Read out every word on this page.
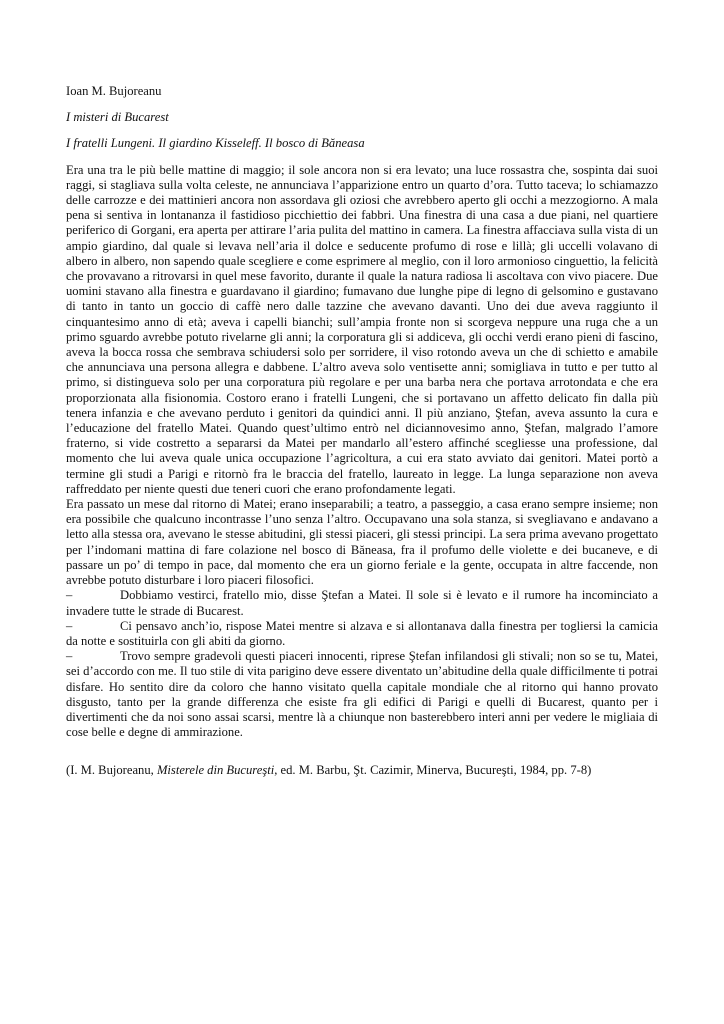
Ioan M. Bujoreanu

I misteri di Bucarest

I fratelli Lungeni. Il giardino Kisseleff. Il bosco di Băneasa

Era una tra le più belle mattine di maggio; il sole ancora non si era levato; una luce rossastra che, sospinta dai suoi raggi, si stagliava sulla volta celeste, ne annunciava l’apparizione entro un quarto d’ora. Tutto taceva; lo schiamazzo delle carrozze e dei mattinieri ancora non assordava gli oziosi che avrebbero aperto gli occhi a mezzogiorno. A mala pena si sentiva in lontananza il fastidioso picchiettio dei fabbri. Una finestra di una casa a due piani, nel quartiere periferico di Gorgani, era aperta per attirare l’aria pulita del mattino in camera. La finestra affacciava sulla vista di un ampio giardino, dal quale si levava nell’aria il dolce e seducente profumo di rose e lillà; gli uccelli volavano di albero in albero, non sapendo quale scegliere e come esprimere al meglio, con il loro armonioso cinguettio, la felicità che provavano a ritrovarsi in quel mese favorito, durante il quale la natura radiosa li ascoltava con vivo piacere. Due uomini stavano alla finestra e guardavano il giardino; fumavano due lunghe pipe di legno di gelsomino e gustavano di tanto in tanto un goccio di caffè nero dalle tazzine che avevano davanti. Uno dei due aveva raggiunto il cinquantesimo anno di età; aveva i capelli bianchi; sull’ampia fronte non si scorgeva neppure una ruga che a un primo sguardo avrebbe potuto rivelarne gli anni; la corporatura gli si addiceva, gli occhi verdi erano pieni di fascino, aveva la bocca rossa che sembrava schiudersi solo per sorridere, il viso rotondo aveva un che di schietto e amabile che annunciava una persona allegra e dabbene. L’altro aveva solo ventisette anni; somigliava in tutto e per tutto al primo, si distingueva solo per una corporatura più regolare e per una barba nera che portava arrotondata e che era proporzionata alla fisionomia. Costoro erano i fratelli Lungeni, che si portavano un affetto delicato fin dalla più tenera infanzia e che avevano perduto i genitori da quindici anni. Il più anziano, Ştefan, aveva assunto la cura e l’educazione del fratello Matei. Quando quest’ultimo entrò nel diciannovesimo anno, Ştefan, malgrado l’amore fraterno, si vide costretto a separarsi da Matei per mandarlo all’estero affinché scegliesse una professione, dal momento che lui aveva quale unica occupazione l’agricoltura, a cui era stato avviato dai genitori. Matei portò a termine gli studi a Parigi e ritornò fra le braccia del fratello, laureato in legge. La lunga separazione non aveva raffreddato per niente questi due teneri cuori che erano profondamente legati.

Era passato un mese dal ritorno di Matei; erano inseparabili; a teatro, a passeggio, a casa erano sempre insieme; non era possibile che qualcuno incontrasse l’uno senza l’altro. Occupavano una sola stanza, si svegliavano e andavano a letto alla stessa ora, avevano le stesse abitudini, gli stessi piaceri, gli stessi principi. La sera prima avevano progettato per l’indomani mattina di fare colazione nel bosco di Băneasa, fra il profumo delle violette e dei bucaneve, e di passare un po’ di tempo in pace, dal momento che era un giorno feriale e la gente, occupata in altre faccende, non avrebbe potuto disturbare i loro piaceri filosofici.

–	Dobbiamo vestirci, fratello mio, disse Ştefan a Matei. Il sole si è levato e il rumore ha incominciato a invadere tutte le strade di Bucarest.

–	Ci pensavo anch’io, rispose Matei mentre si alzava e si allontanava dalla finestra per togliersi la camicia da notte e sostituirla con gli abiti da giorno.

–	Trovo sempre gradevoli questi piaceri innocenti, riprese Ştefan infilandosi gli stivali; non so se tu, Matei, sei d’accordo con me. Il tuo stile di vita parigino deve essere diventato un’abitudine della quale difficilmente ti potrai disfare. Ho sentito dire da coloro che hanno visitato quella capitale mondiale che al ritorno qui hanno provato disgusto, tanto per la grande differenza che esiste fra gli edifici di Parigi e quelli di Bucarest, quanto per i divertimenti che da noi sono assai scarsi, mentre là a chiunque non basterebbero interi anni per vedere le migliaia di cose belle e degne di ammirazione.

(I. M. Bujoreanu, Misterele din Bucureşti, ed. M. Barbu, Şt. Cazimir, Minerva, Bucureşti, 1984, pp. 7-8)
